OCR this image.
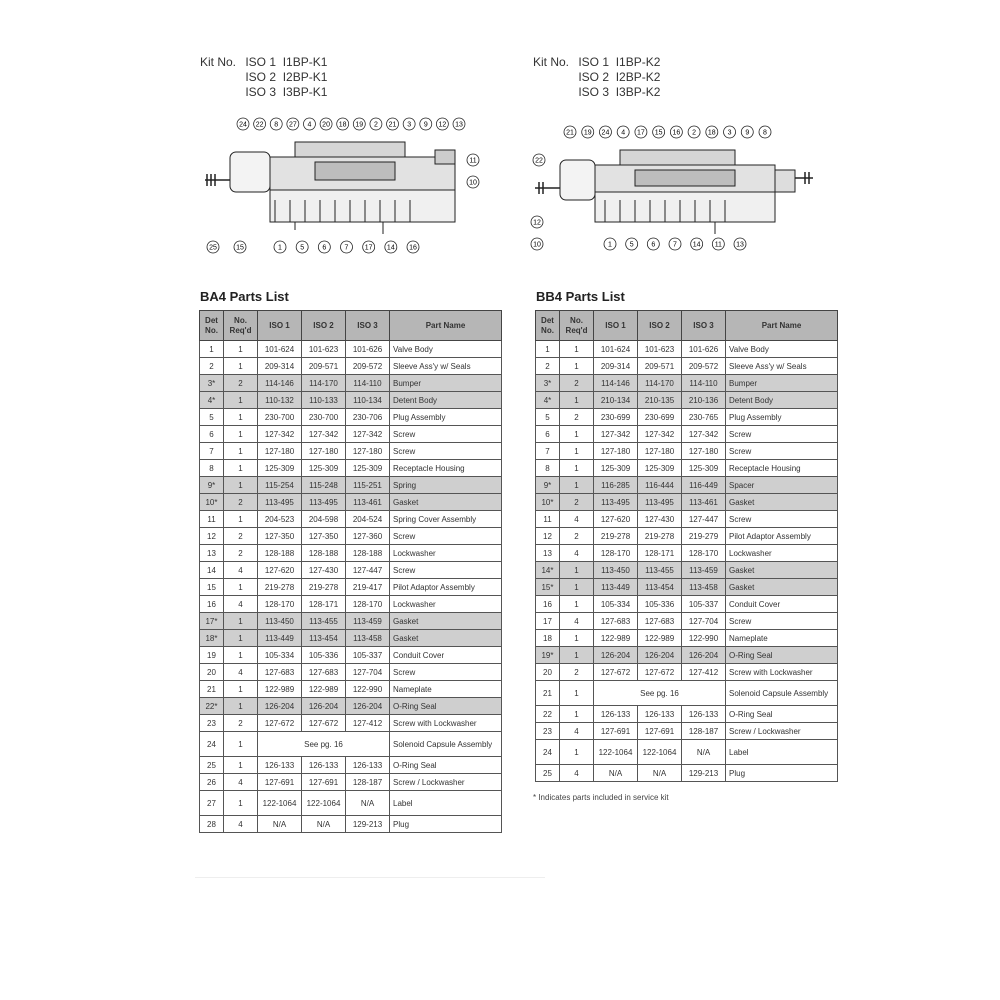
Kit No. ISO 1 I1BP-K1
ISO 2 I2BP-K1
ISO 3 I3BP-K1
Kit No. ISO 1 I1BP-K2
ISO 2 I2BP-K2
ISO 3 I3BP-K2
24 22 8 27 4 20 18 19 2 21 3 9 12 13
1	5	6	7 17 14 16
25	15
11
10
21 19 24 4 17 15 16 2 18 3 9 8
1	5	6	7 14 11 13
22
12
10
BA4 Parts List	BB4 Parts List
Det No.	No. Req'd	ISO 1	ISO 2	ISO 3	Part Name
1	1	101-624	101-623	101-626	Valve Body
2	1	209-314	209-571	209-572	Sleeve Ass'y w/ Seals
3*	2	114-146	114-170	114-110	Bumper
4*	1	110-132	110-133	110-134	Detent Body
5	1	230-700	230-700	230-706	Plug Assembly
6	1	127-342	127-342	127-342	Screw
7	1	127-180	127-180	127-180	Screw
8	1	125-309	125-309	125-309	Receptacle Housing
9*	1	115-254	115-248	115-251	Spring
10*	2	113-495	113-495	113-461	Gasket
11	1	204-523	204-598	204-524	Spring Cover Assembly
12	2	127-350	127-350	127-360	Screw
13	2	128-188	128-188	128-188	Lockwasher
14	4	127-620	127-430	127-447	Screw
15	1	219-278	219-278	219-417	Pilot Adaptor Assembly
16	4	128-170	128-171	128-170	Lockwasher
17*	1	113-450	113-455	113-459	Gasket
18*	1	113-449	113-454	113-458	Gasket
19	1	105-334	105-336	105-337	Conduit Cover
20	4	127-683	127-683	127-704	Screw
21	1	122-989	122-989	122-990	Nameplate
22*	1	126-204	126-204	126-204	O-Ring Seal
23	2	127-672	127-672	127-412	Screw with Lockwasher
24	1	See pg. 16			Solenoid Capsule Assembly
25	1	126-133	126-133	126-133	O-Ring Seal
26	4	127-691	127-691	128-187	Screw / Lockwasher
27	1	122-1064	122-1064	N/A	Label
28	4	N/A	N/A	129-213	Plug
Det No.	No. Req'd	ISO 1	ISO 2	ISO 3	Part Name
1	1	101-624	101-623	101-626	Valve Body
2	1	209-314	209-571	209-572	Sleeve Ass'y w/ Seals
3*	2	114-146	114-170	114-110	Bumper
4*	1	210-134	210-135	210-136	Detent Body
5	2	230-699	230-699	230-765	Plug Assembly
6	1	127-342	127-342	127-342	Screw
7	1	127-180	127-180	127-180	Screw
8	1	125-309	125-309	125-309	Receptacle Housing
9*	1	116-285	116-444	116-449	Spacer
10*	2	113-495	113-495	113-461	Gasket
11	4	127-620	127-430	127-447	Screw
12	2	219-278	219-278	219-279	Pilot Adaptor Assembly
13	4	128-170	128-171	128-170	Lockwasher
14*	1	113-450	113-455	113-459	Gasket
15*	1	113-449	113-454	113-458	Gasket
16	1	105-334	105-336	105-337	Conduit Cover
17	4	127-683	127-683	127-704	Screw
18	1	122-989	122-989	122-990	Nameplate
19*	1	126-204	126-204	126-204	O-Ring Seal
20	2	127-672	127-672	127-412	Screw with Lockwasher
21	1	See pg. 16			Solenoid Capsule Assembly
22	1	126-133	126-133	126-133	O-Ring Seal
23	4	127-691	127-691	128-187	Screw / Lockwasher
24	1	122-1064	122-1064	N/A	Label
25	4	N/A	N/A	129-213	Plug
* Indicates parts included in service kit
